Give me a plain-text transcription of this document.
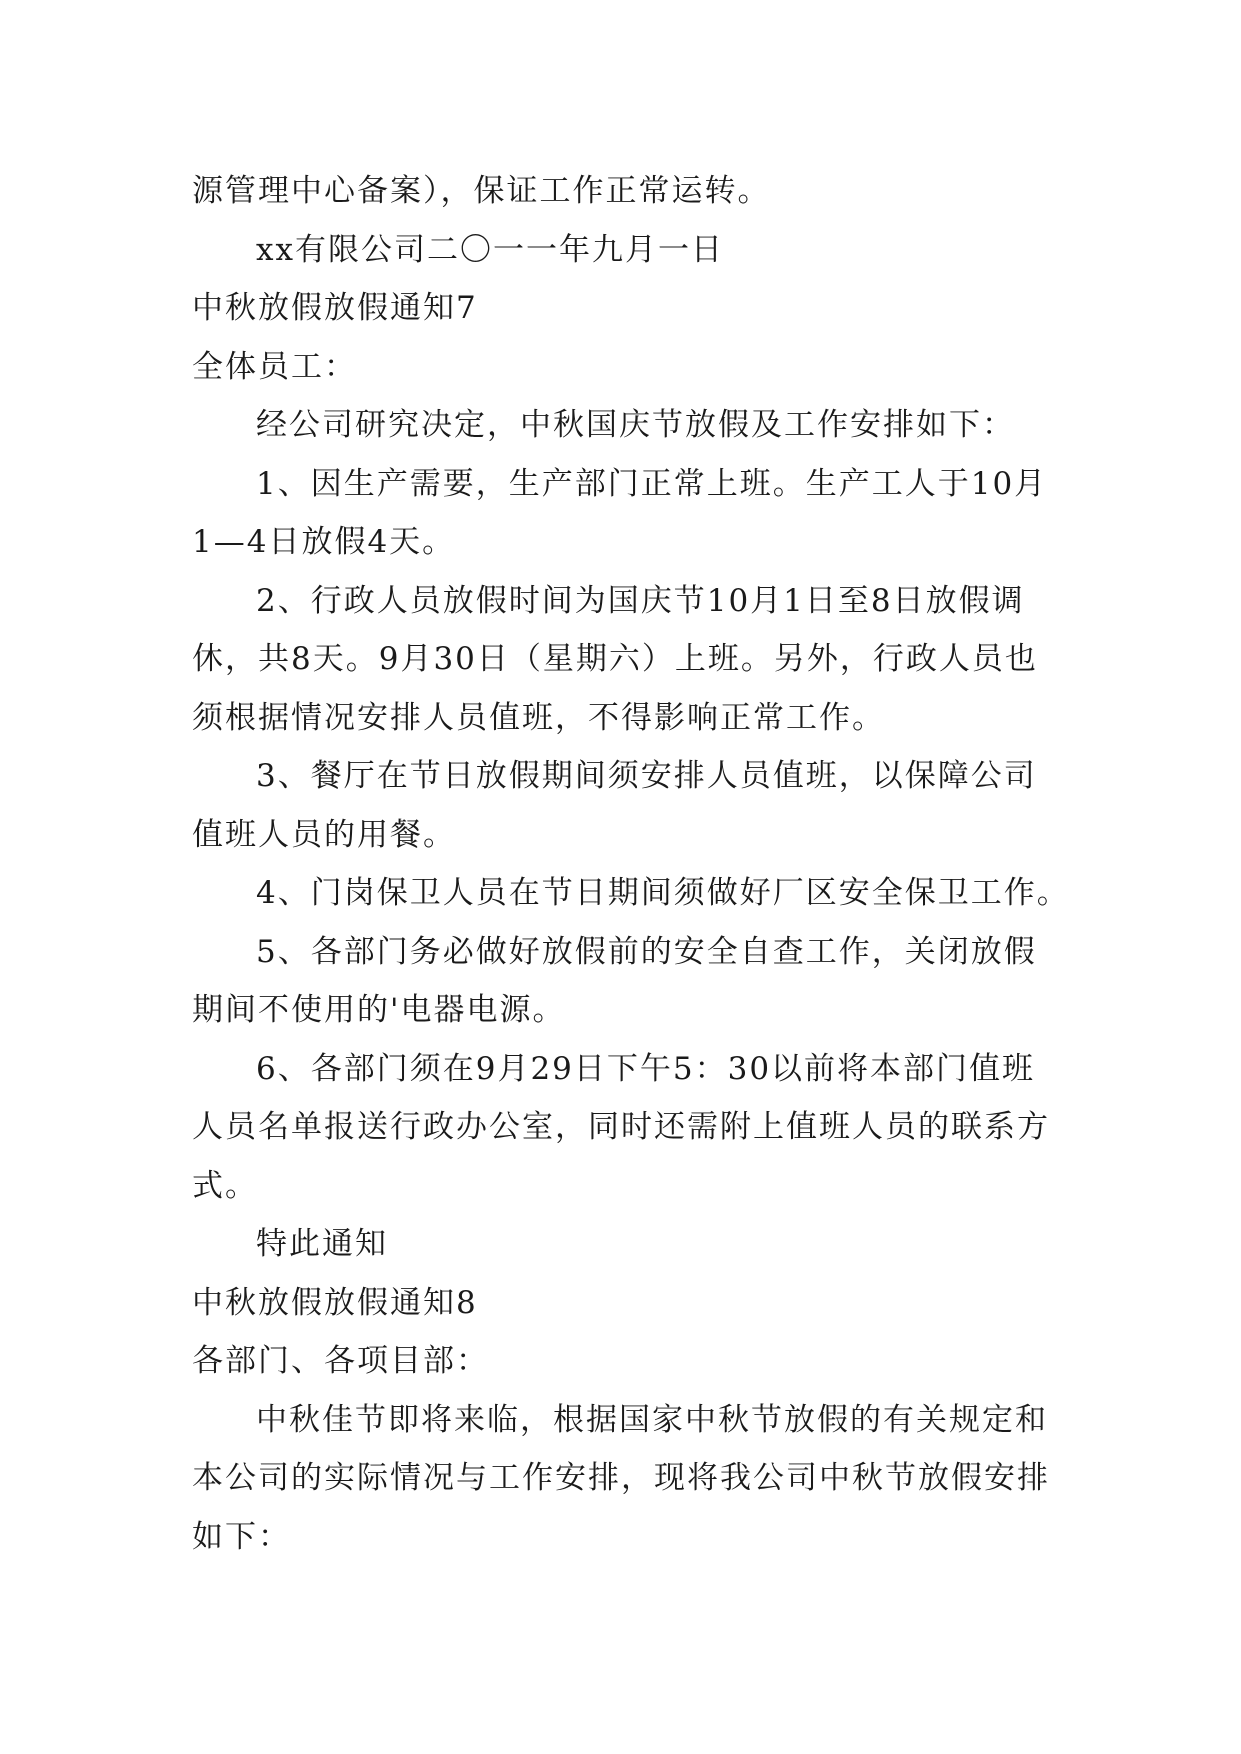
源管理中心备案），保证工作正常运转。
xx有限公司二〇一一年九月一日
中秋放假放假通知7
全体员工：
经公司研究决定，中秋国庆节放假及工作安排如下：
1、因生产需要，生产部门正常上班。生产工人于10月
1—4日放假4天。
2、行政人员放假时间为国庆节10月1日至8日放假调
休，共8天。9月30日（星期六）上班。另外，行政人员也
须根据情况安排人员值班，不得影响正常工作。
3、餐厅在节日放假期间须安排人员值班，以保障公司
值班人员的用餐。
4、门岗保卫人员在节日期间须做好厂区安全保卫工作。
5、各部门务必做好放假前的安全自查工作，关闭放假
期间不使用的'电器电源。
6、各部门须在9月29日下午5：30以前将本部门值班
人员名单报送行政办公室，同时还需附上值班人员的联系方
式。
特此通知
中秋放假放假通知8
各部门、各项目部：
中秋佳节即将来临，根据国家中秋节放假的有关规定和
本公司的实际情况与工作安排，现将我公司中秋节放假安排
如下：
